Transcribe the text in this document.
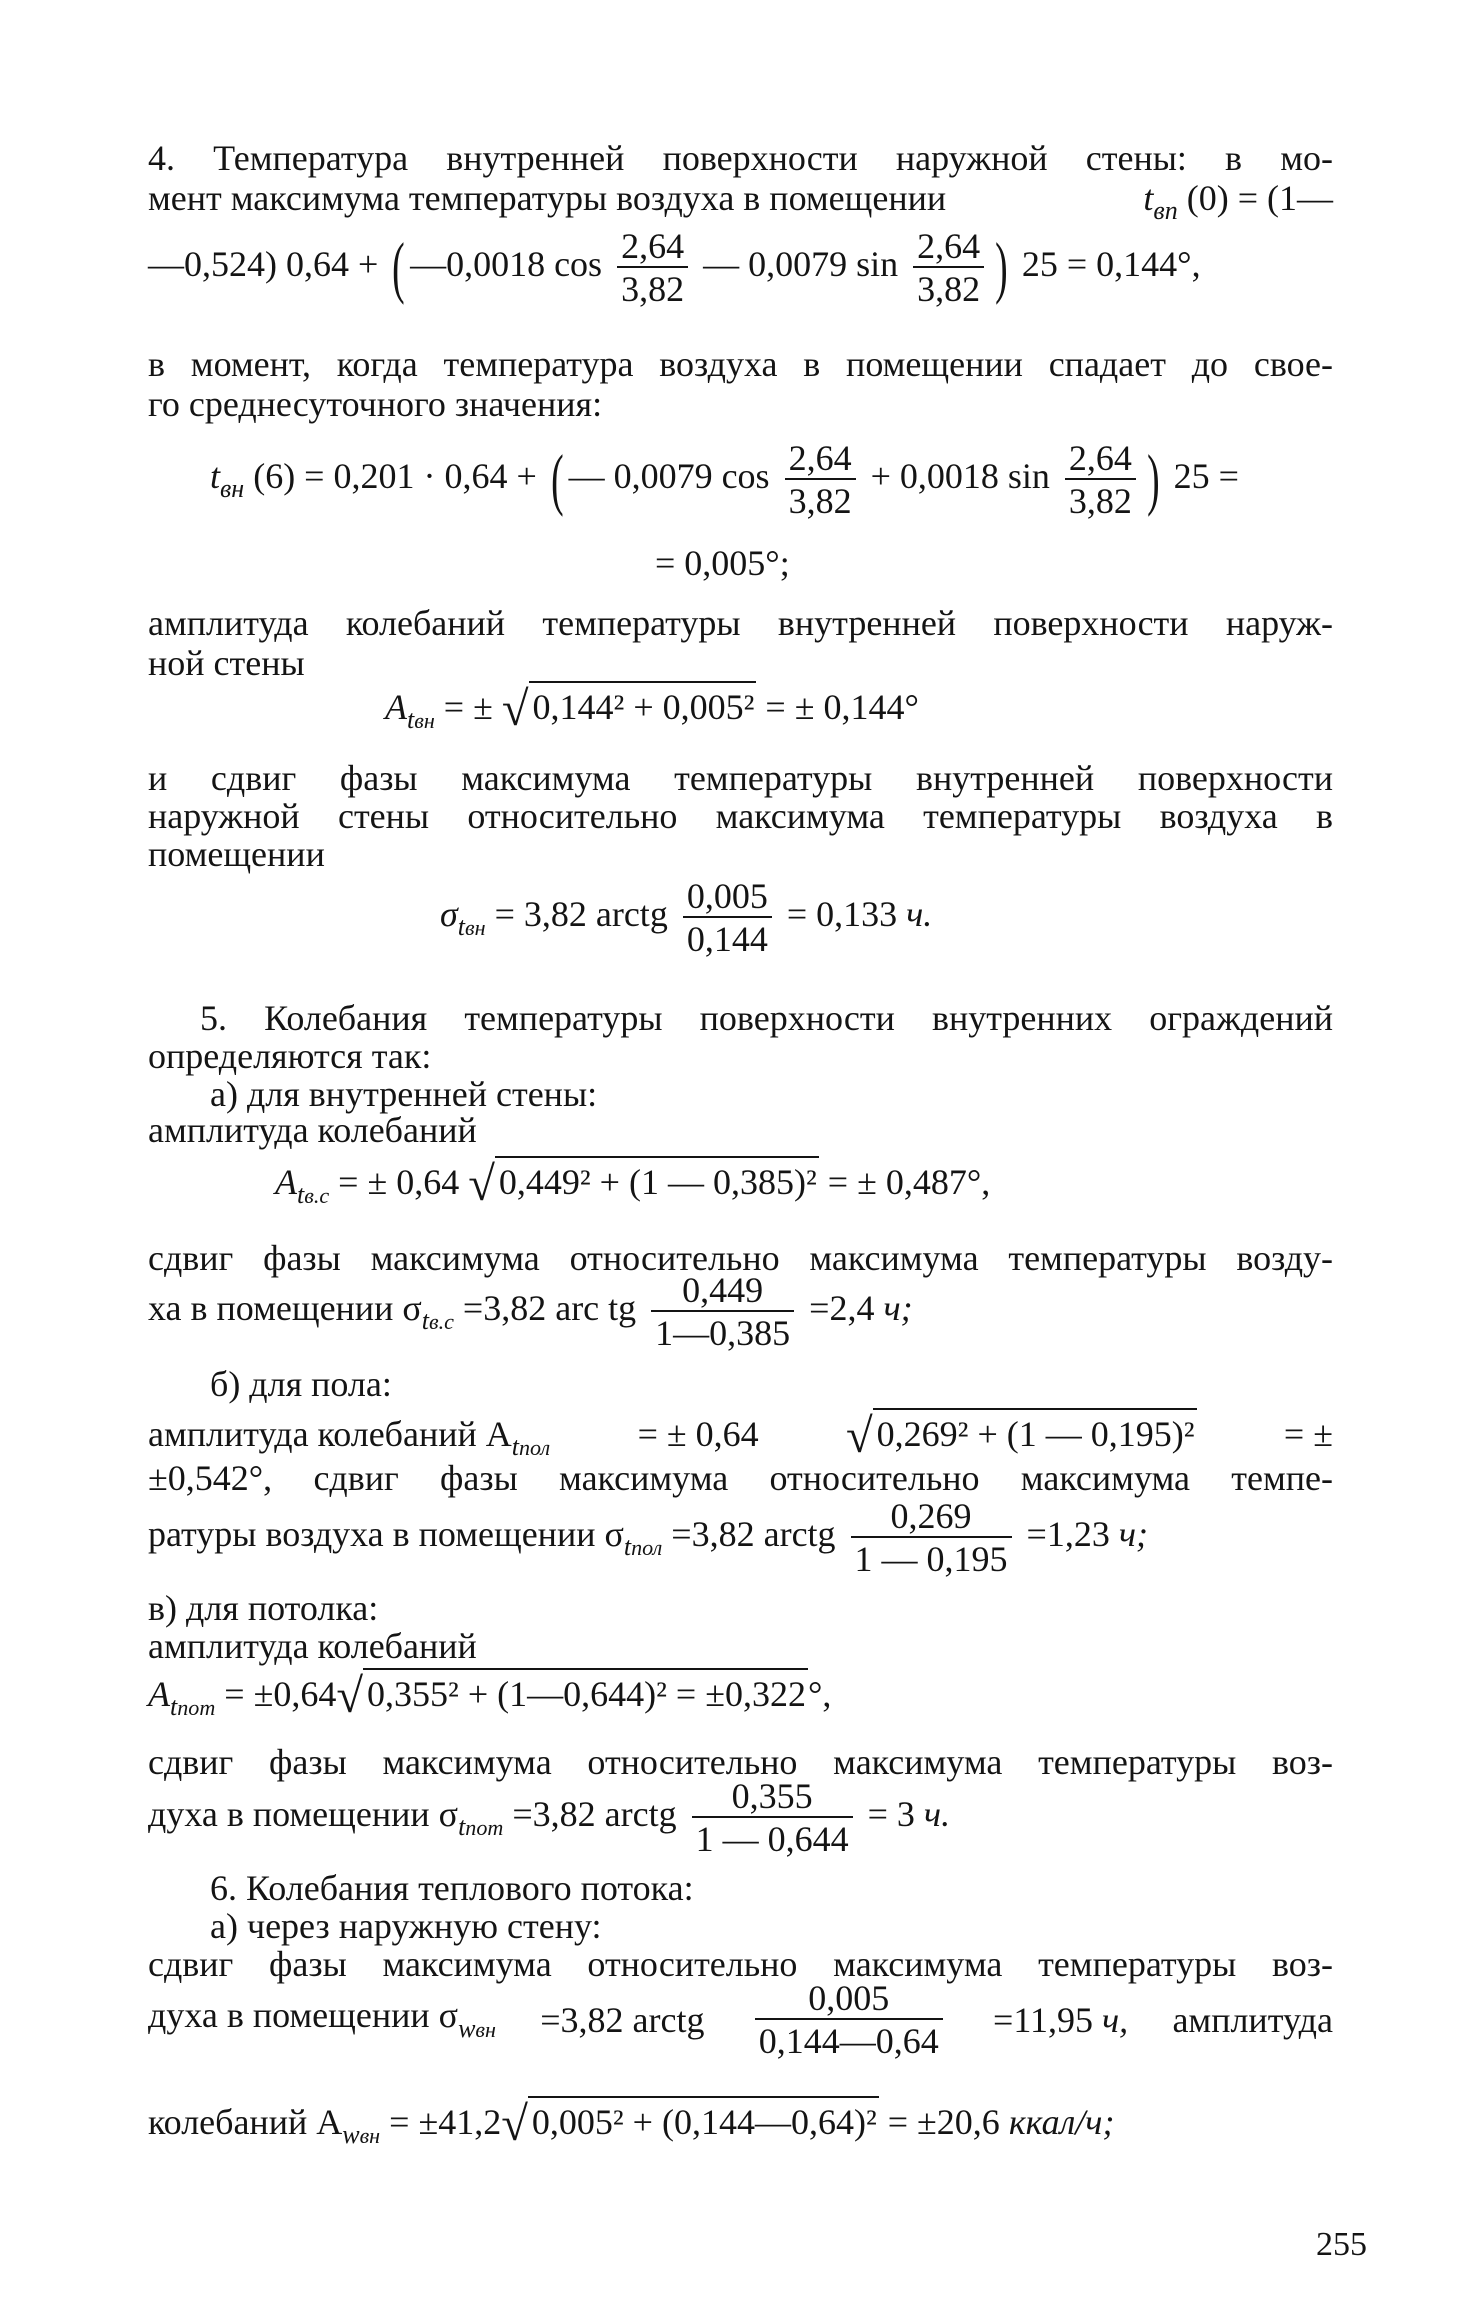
4. Температура внутренней поверхности наружной стены: в мо-
мент максимума температуры воздуха в помещении	$t_{вп}$ (0) = (1—
—0,524) 0,64 + ( —0,0018 $\cos \frac{2,64}{3,82}$ — 0,0079 $\sin \frac{2,64}{3,82}$ ) 25 = 0,144°,
в момент, когда температура воздуха в помещении спадает до свое-
го среднесуточного значения:
$t_{вн}$ (6) = 0,201 · 0,64 + ( — 0,0079 $\cos \frac{2,64}{3,82} + 0,0018$ $\sin \frac{2,64}{3,82}$ ) 25 =
= 0,005°;
амплитуда колебаний температуры внутренней поверхности наруж-
ной стены
$A_{tвн}$ = ± √ 0,144² + 0,005² = ± 0,144°
и сдвиг фазы максимума температуры внутренней поверхности
наружной стены относительно максимума температуры воздуха в
помещении
$\sigma_{tвн} = 3,82$ arctg $\frac{0,005}{0,144} = 0,133$ ч.
5. Колебания температуры поверхности внутренних ограждений
определяются так:
а) для внутренней стены:
амплитуда колебаний
$A_{tв.с}$ = ± 0,64 √ 0,449² + (1 — 0,385)² = ± 0,487°,
сдвиг фазы максимума относительно максимума температуры возду-
ха в помещении $\sigma_{tв.с} =3,82$ arc tg $\frac{0,449}{1—0,385} =2,4$ ч;
б) для пола:
амплитуда колебаний $A_{tпол}$ = ± 0,64 √ 0,269² + (1 — 0,195)² = ±
±0,542°, сдвиг фазы максимума относительно максимума темпе-
ратуры воздуха в помещении $\sigma_{tпол} =3,82$ arctg $\frac{0,269}{1 — 0,195} =1,23$ ч;
в) для потолка:
амплитуда колебаний
$A_{tпот} = \pm 0,64√$ 0,355² + (1—0,644)² = ±0,322°,
сдвиг фазы максимума относительно максимума температуры воз-
духа в помещении $\sigma_{tпот} =3,82$ arctg $\frac{0,355}{1 — 0,644} = 3$ ч.
6. Колебания теплового потока:
а) через наружную стену:
сдвиг фазы максимума относительно максимума температуры воз-
духа в помещении $\sigma_{wвн} =3,82$ arctg $\frac{0,005}{0,144—0,64} =11,95$ ч, амплитуда
колебаний $A_{wвн} = \pm 41,2√$ 0,005² + (0,144—0,64)² = ±20,6 ккал/ч;
255
